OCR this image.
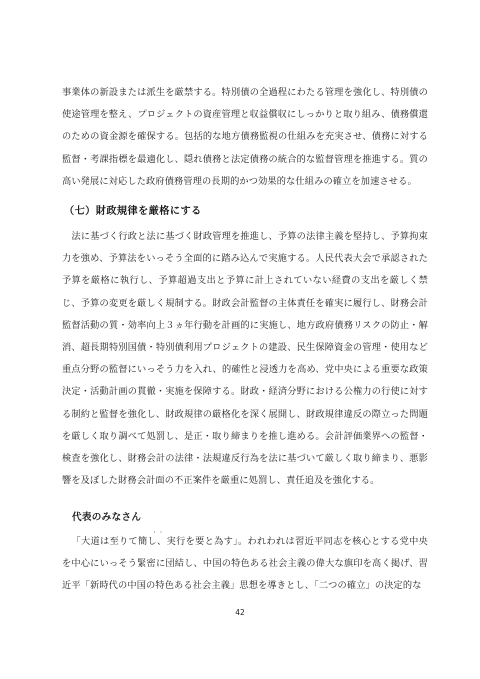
事業体の新設または派生を厳禁する。特別債の全過程にわたる管理を強化し、特別債の使途管理を整え、プロジェクトの資産管理と収益償収にしっかりと取り組み、債務償還のための資金源を確保する。包括的な地方債務監視の仕組みを充実させ、債務に対する監督・考課指標を最適化し、隠れ債務と法定債務の統合的な監督管理を推進する。質の高い発展に対応した政府債務管理の長期的かつ効果的な仕組みの確立を加速させる。

（七）財政規律を厳格にする

法に基づく行政と法に基づく財政管理を推進し、予算の法律主義を堅持し、予算拘束力を強め、予算法をいっそう全面的に踏み込んで実施する。人民代表大会で承認された予算を厳格に執行し、予算超過支出と予算に計上されていない経費の支出を厳しく禁じ、予算の変更を厳しく規制する。財政会計監督の主体責任を確実に履行し、財務会計監督活動の質・効率向上３ヵ年行動を計画的に実施し、地方政府債務リスクの防止・解消、超長期特別国債・特別債利用プロジェクトの建設、民生保障資金の管理・使用など重点分野の監督にいっそう力を入れ、的確性と浸透力を高め、党中央による重要な政策決定・活動計画の貫徹・実施を保障する。財政・経済分野における公権力の行使に対する制約と監督を強化し、財政規律の厳格化を深く展開し、財政規律違反の際立った問題を厳しく取り調べて処罰し、是正・取り締まりを推し進める。会計評価業界への監督・検査を強化し、財務会計の法律・法規違反行為を法に基づいて厳しく取り締まり、悪影響を及ぼした財務会計面の不正案件を厳重に処罰し、責任追及を強化する。

代表のみなさん
・・

「大道は至りて簡し、実行を要と為す」。われわれは習近平同志を核心とする党中央を中心にいっそう緊密に団結し、中国の特色ある社会主義の偉大な旗印を高く掲げ、習近平「新時代の中国の特色ある社会主義」思想を導きとし、「二つの確立」の決定的な

42
